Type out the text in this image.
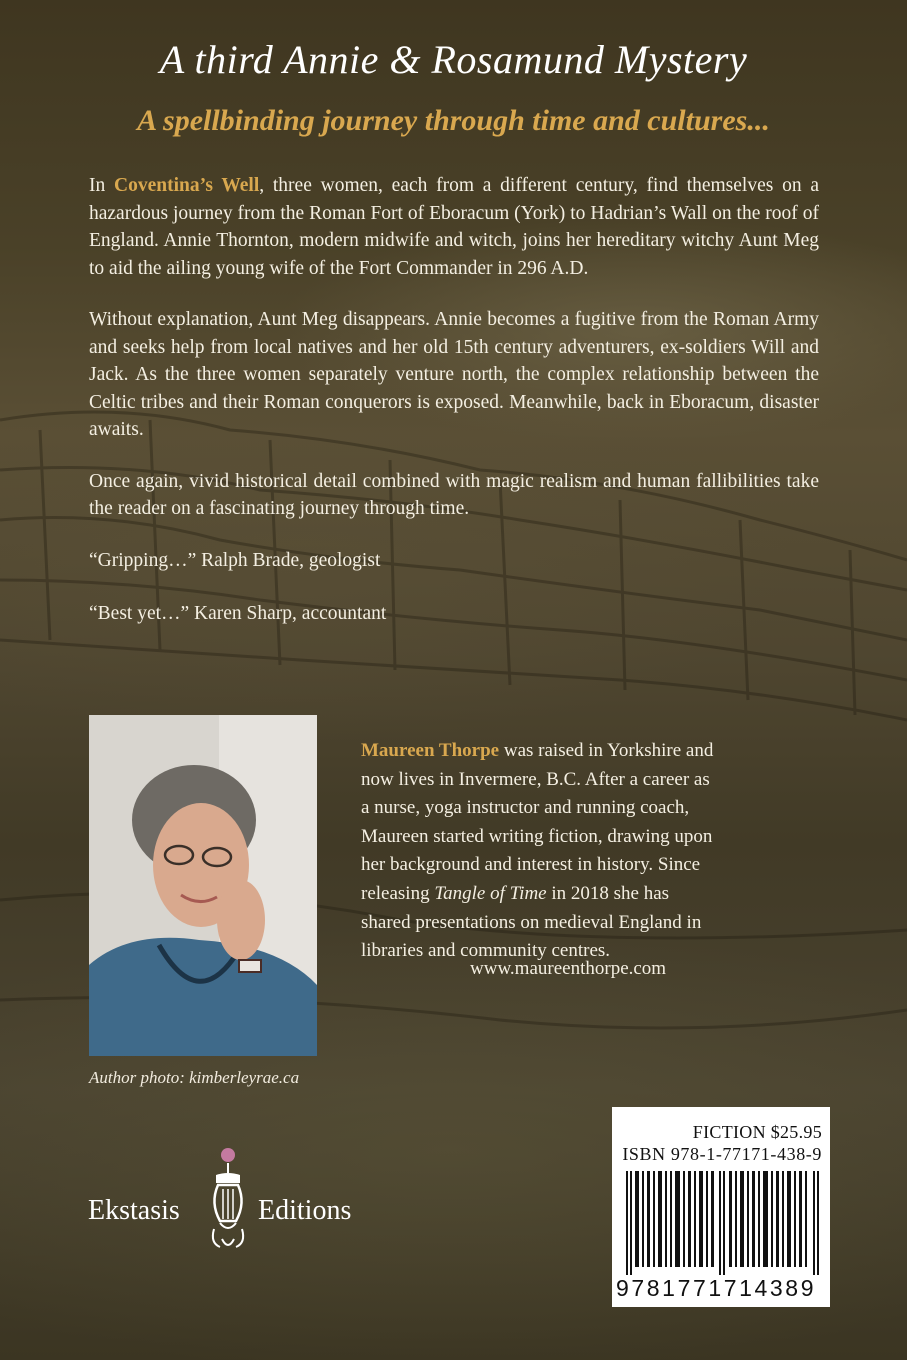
A third Annie & Rosamund Mystery
A spellbinding journey through time and cultures...

In Coventina’s Well, three women, each from a different century, find themselves on a hazardous journey from the Roman Fort of Eboracum (York) to Hadrian’s Wall on the roof of England. Annie Thornton, modern midwife and witch, joins her hereditary witchy Aunt Meg to aid the ailing young wife of the Fort Commander in 296 A.D.

Without explanation, Aunt Meg disappears. Annie becomes a fugitive from the Roman Army and seeks help from local natives and her old 15th century adventurers, ex-soldiers Will and Jack. As the three women separately venture north, the complex relationship between the Celtic tribes and their Roman conquerors is exposed. Meanwhile, back in Eboracum, disaster awaits.

Once again, vivid historical detail combined with magic realism and human fallibilities take the reader on a fascinating journey through time.

“Gripping…” Ralph Brade, geologist

“Best yet…” Karen Sharp, accountant

Author photo: kimberleyrae.ca
Maureen Thorpe was raised in Yorkshire and now lives in Invermere, B.C. After a career as a nurse, yoga instructor and running coach, Maureen started writing fiction, drawing upon her background and interest in history. Since releasing Tangle of Time in 2018 she has shared presentations on medieval England in libraries and community centres.
www.maureenthorpe.com
Ekstasis	Editions
FICTION $25.95
ISBN 978-1-77171-438-9
9781771714389
